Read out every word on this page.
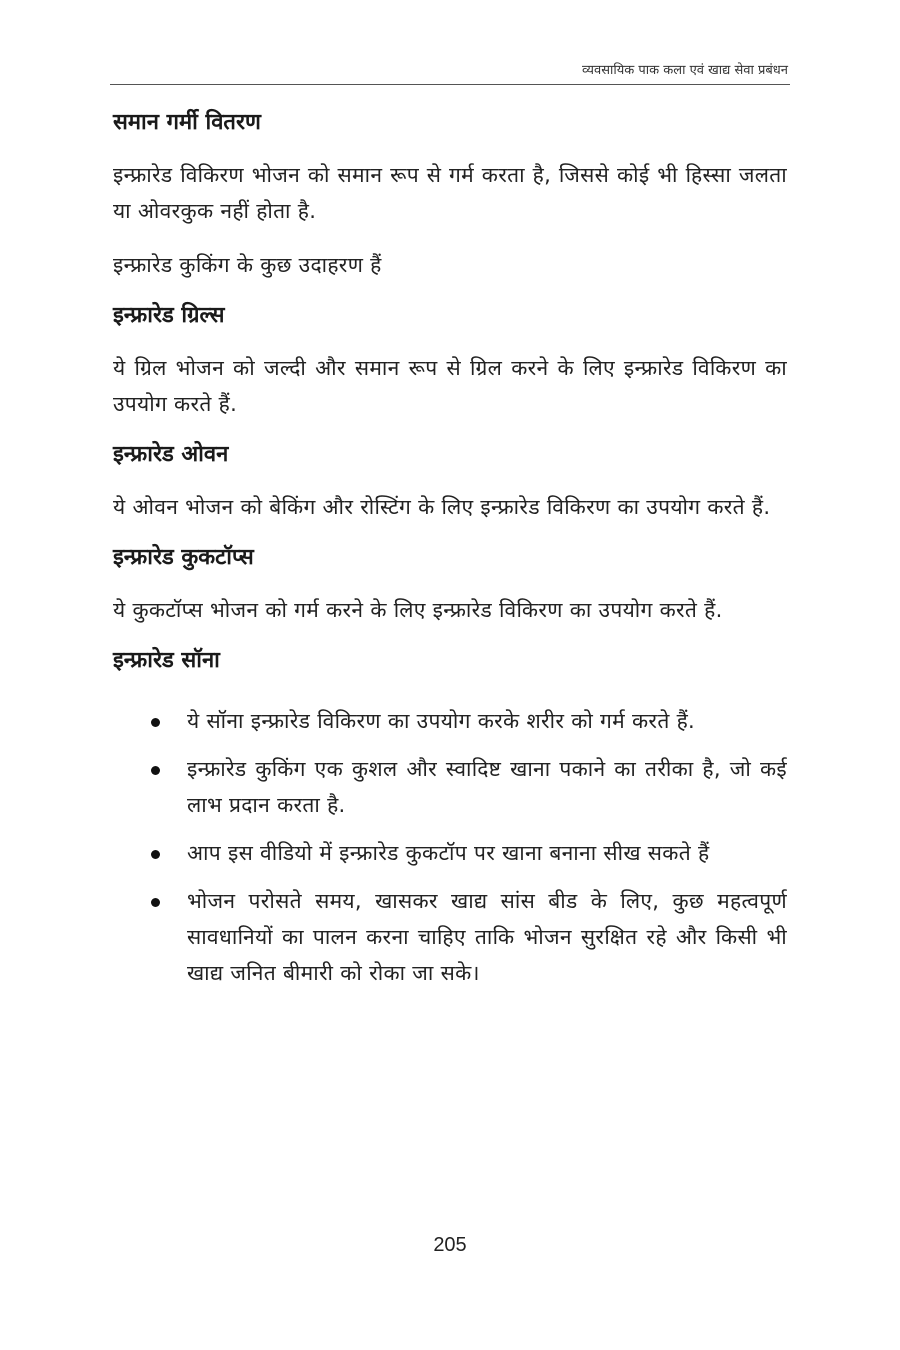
व्यवसायिक पाक कला एवं खाद्य सेवा प्रबंधन
समान गर्मी वितरण

इन्फ्रारेड विकिरण भोजन को समान रूप से गर्म करता है, जिससे कोई भी हिस्सा जलता या ओवरकुक नहीं होता है.

इन्फ्रारेड कुकिंग के कुछ उदाहरण हैं

इन्फ्रारेड ग्रिल्स

ये ग्रिल भोजन को जल्दी और समान रूप से ग्रिल करने के लिए इन्फ्रारेड विकिरण का उपयोग करते हैं.

इन्फ्रारेड ओवन

ये ओवन भोजन को बेकिंग और रोस्टिंग के लिए इन्फ्रारेड विकिरण का उपयोग करते हैं.

इन्फ्रारेड कुकटॉप्स

ये कुकटॉप्स भोजन को गर्म करने के लिए इन्फ्रारेड विकिरण का उपयोग करते हैं.

इन्फ्रारेड सॉना
ये सॉना इन्फ्रारेड विकिरण का उपयोग करके शरीर को गर्म करते हैं.
इन्फ्रारेड कुकिंग एक कुशल और स्वादिष्ट खाना पकाने का तरीका है, जो कई लाभ प्रदान करता है.
आप इस वीडियो में इन्फ्रारेड कुकटॉप पर खाना बनाना सीख सकते हैं
भोजन परोसते समय, खासकर खाद्य सांस बीड के लिए, कुछ महत्वपूर्ण सावधानियों का पालन करना चाहिए ताकि भोजन सुरक्षित रहे और किसी भी खाद्य जनित बीमारी को रोका जा सके।
205
